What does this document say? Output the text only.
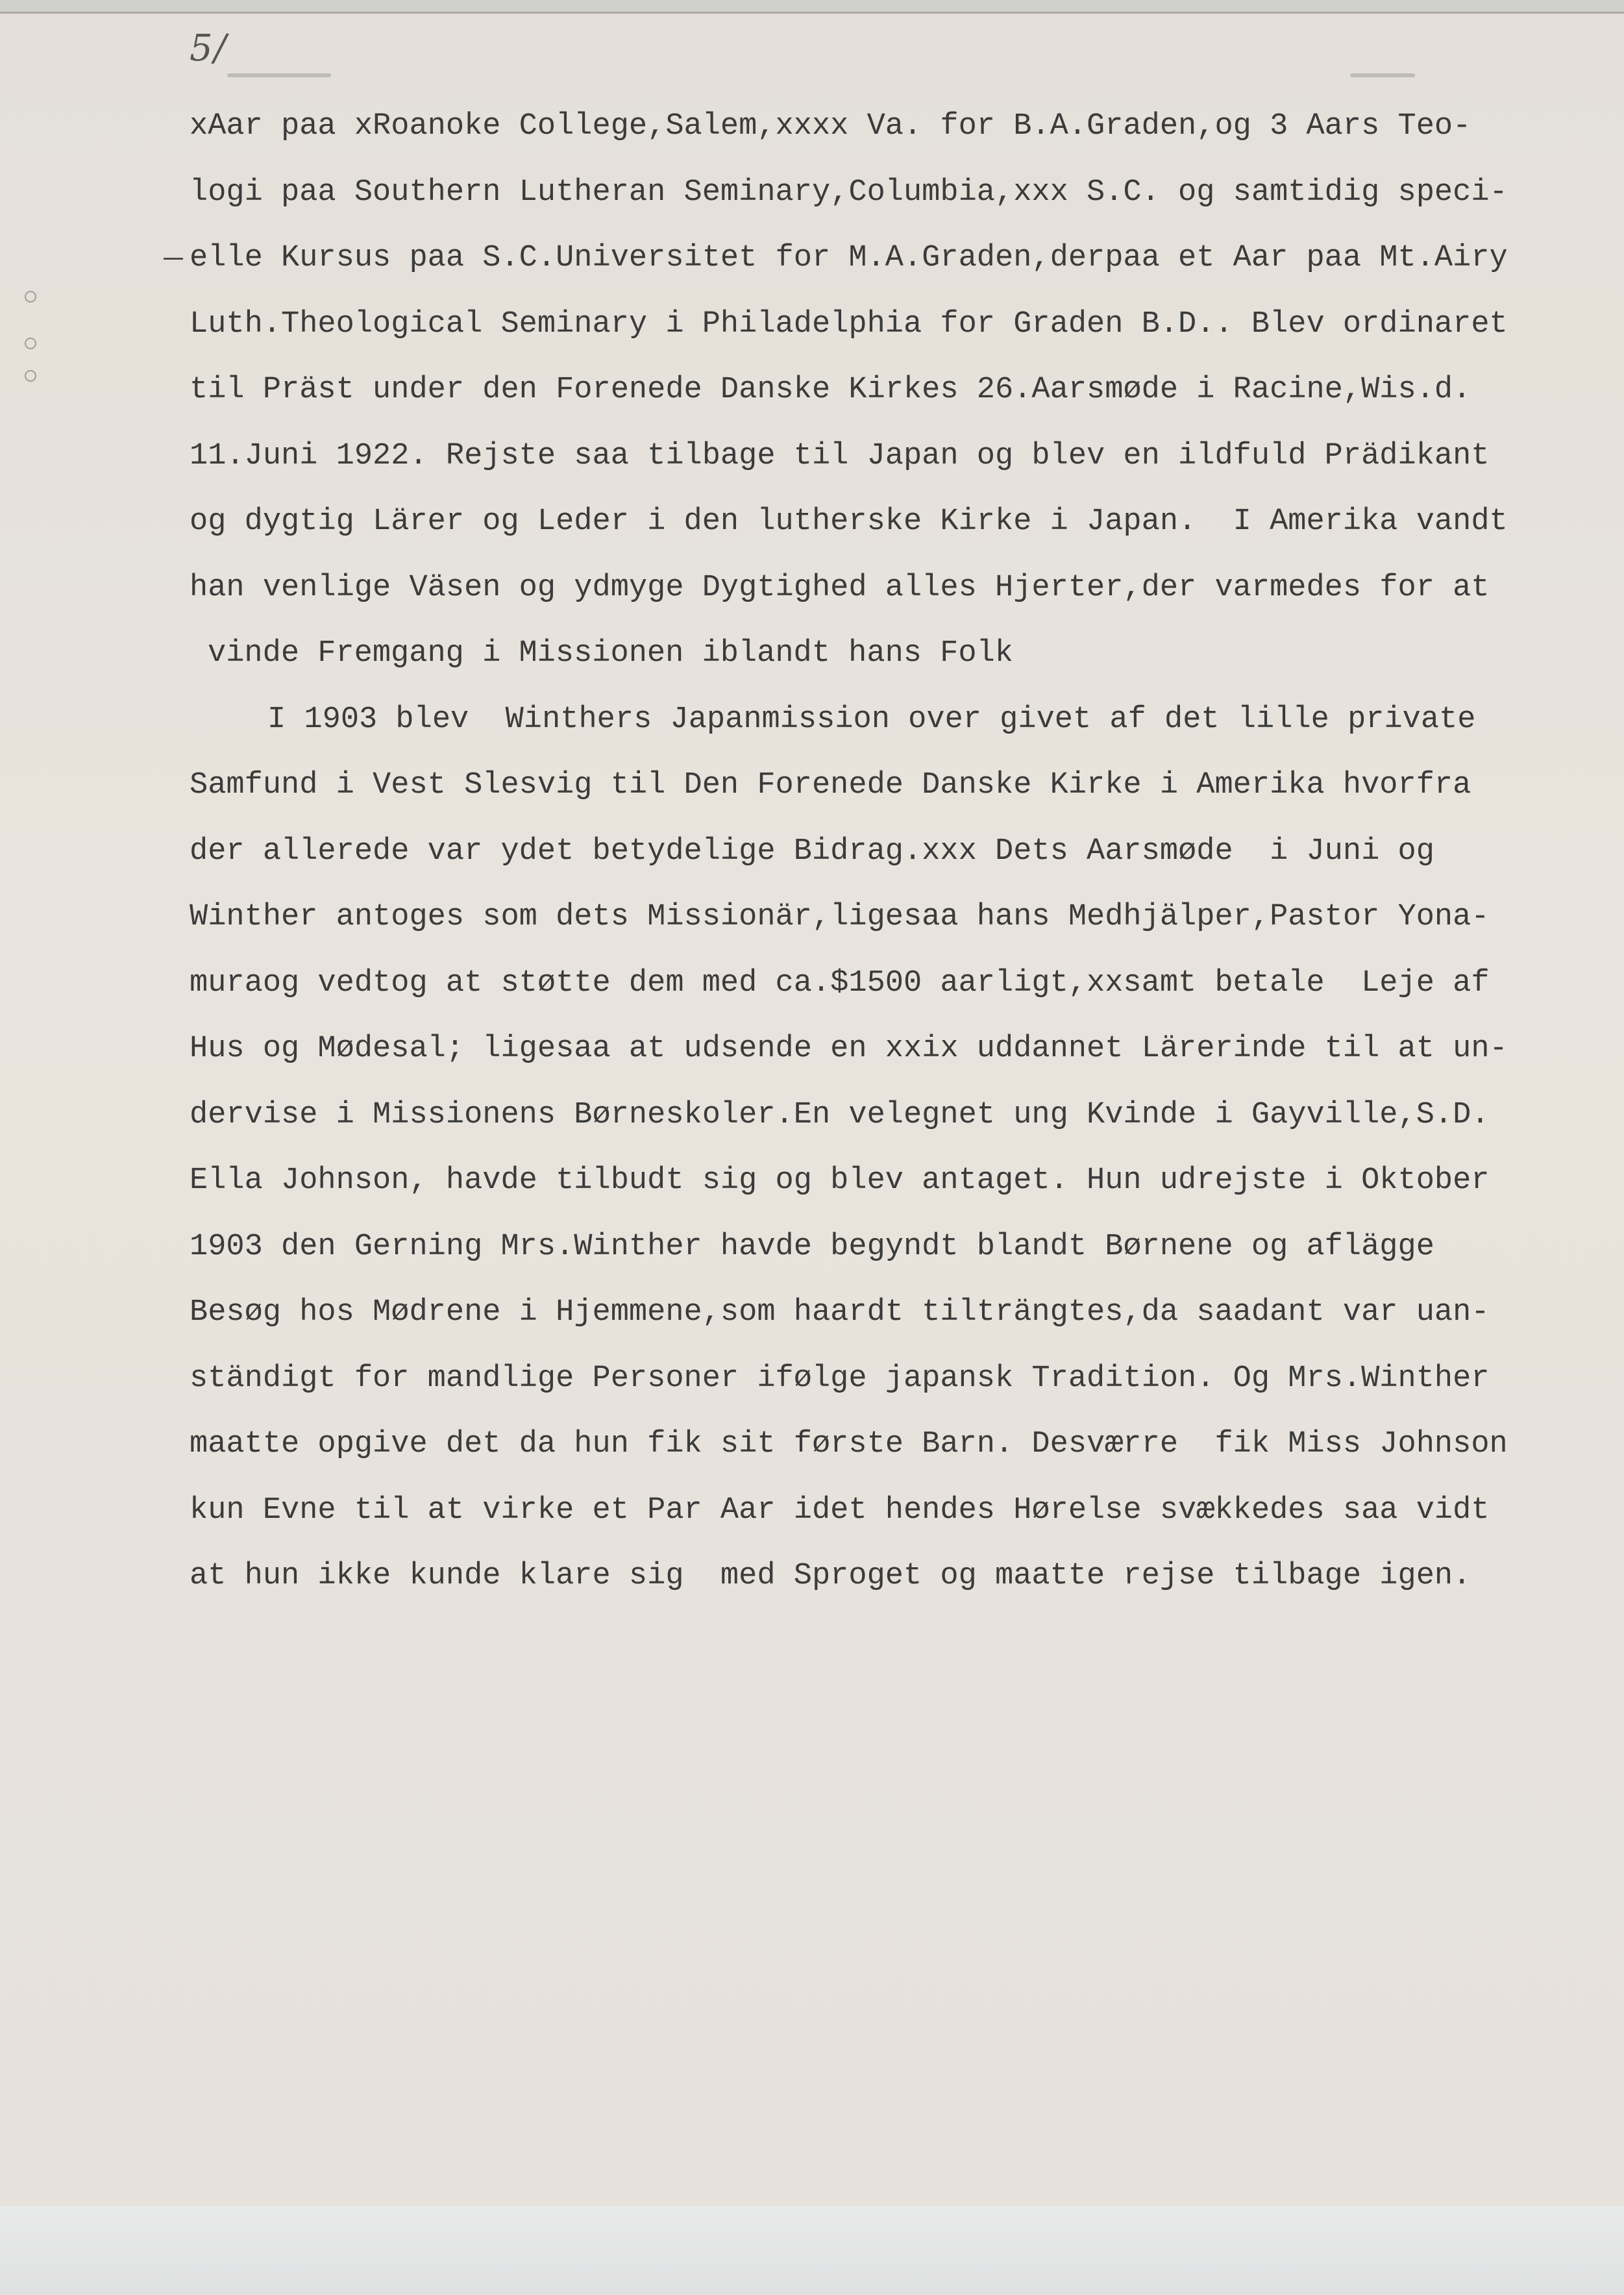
5/
xAar paa xRoanoke College,Salem,xxxx Va. for B.A.Graden,og 3 Aars Teo-
logi paa Southern Lutheran Seminary,Columbia,xxx S.C. og samtidig speci-
elle Kursus paa S.C.Universitet for M.A.Graden,derpaa et Aar paa Mt.Airy
Luth.Theological Seminary i Philadelphia for Graden B.D.. Blev ordinaret
til Präst under den Forenede Danske Kirkes 26.Aarsmøde i Racine,Wis.d.
11.Juni 1922. Rejste saa tilbage til Japan og blev en ildfuld Prädikant
og dygtig Lärer og Leder i den lutherske Kirke i Japan.  I Amerika vandt
han venlige Väsen og ydmyge Dygtighed alles Hjerter,der varmedes for at
vinde Fremgang i Missionen iblandt hans Folk
I 1903 blev  Winthers Japanmission over givet af det lille private
Samfund i Vest Slesvig til Den Forenede Danske Kirke i Amerika hvorfra
der allerede var ydet betydelige Bidrag.xxx Dets Aarsmøde  i Juni og
Winther antoges som dets Missionär,ligesaa hans Medhjälper,Pastor Yona-
muraog vedtog at støtte dem med ca.$1500 aarligt,xxsamt betale  Leje af
Hus og Mødesal; ligesaa at udsende en xxix uddannet Lärerinde til at un-
dervise i Missionens Børneskoler.En velegnet ung Kvinde i Gayville,S.D.
Ella Johnson, havde tilbudt sig og blev antaget. Hun udrejste i Oktober
1903 den Gerning Mrs.Winther havde begyndt blandt Børnene og aflägge
Besøg hos Mødrene i Hjemmene,som haardt tilträngtes,da saadant var uan-
ständigt for mandlige Personer ifølge japansk Tradition. Og Mrs.Winther
maatte opgive det da hun fik sit første Barn. Desværre  fik Miss Johnson
kun Evne til at virke et Par Aar idet hendes Hørelse svækkedes saa vidt
at hun ikke kunde klare sig  med Sproget og maatte rejse tilbage igen.
